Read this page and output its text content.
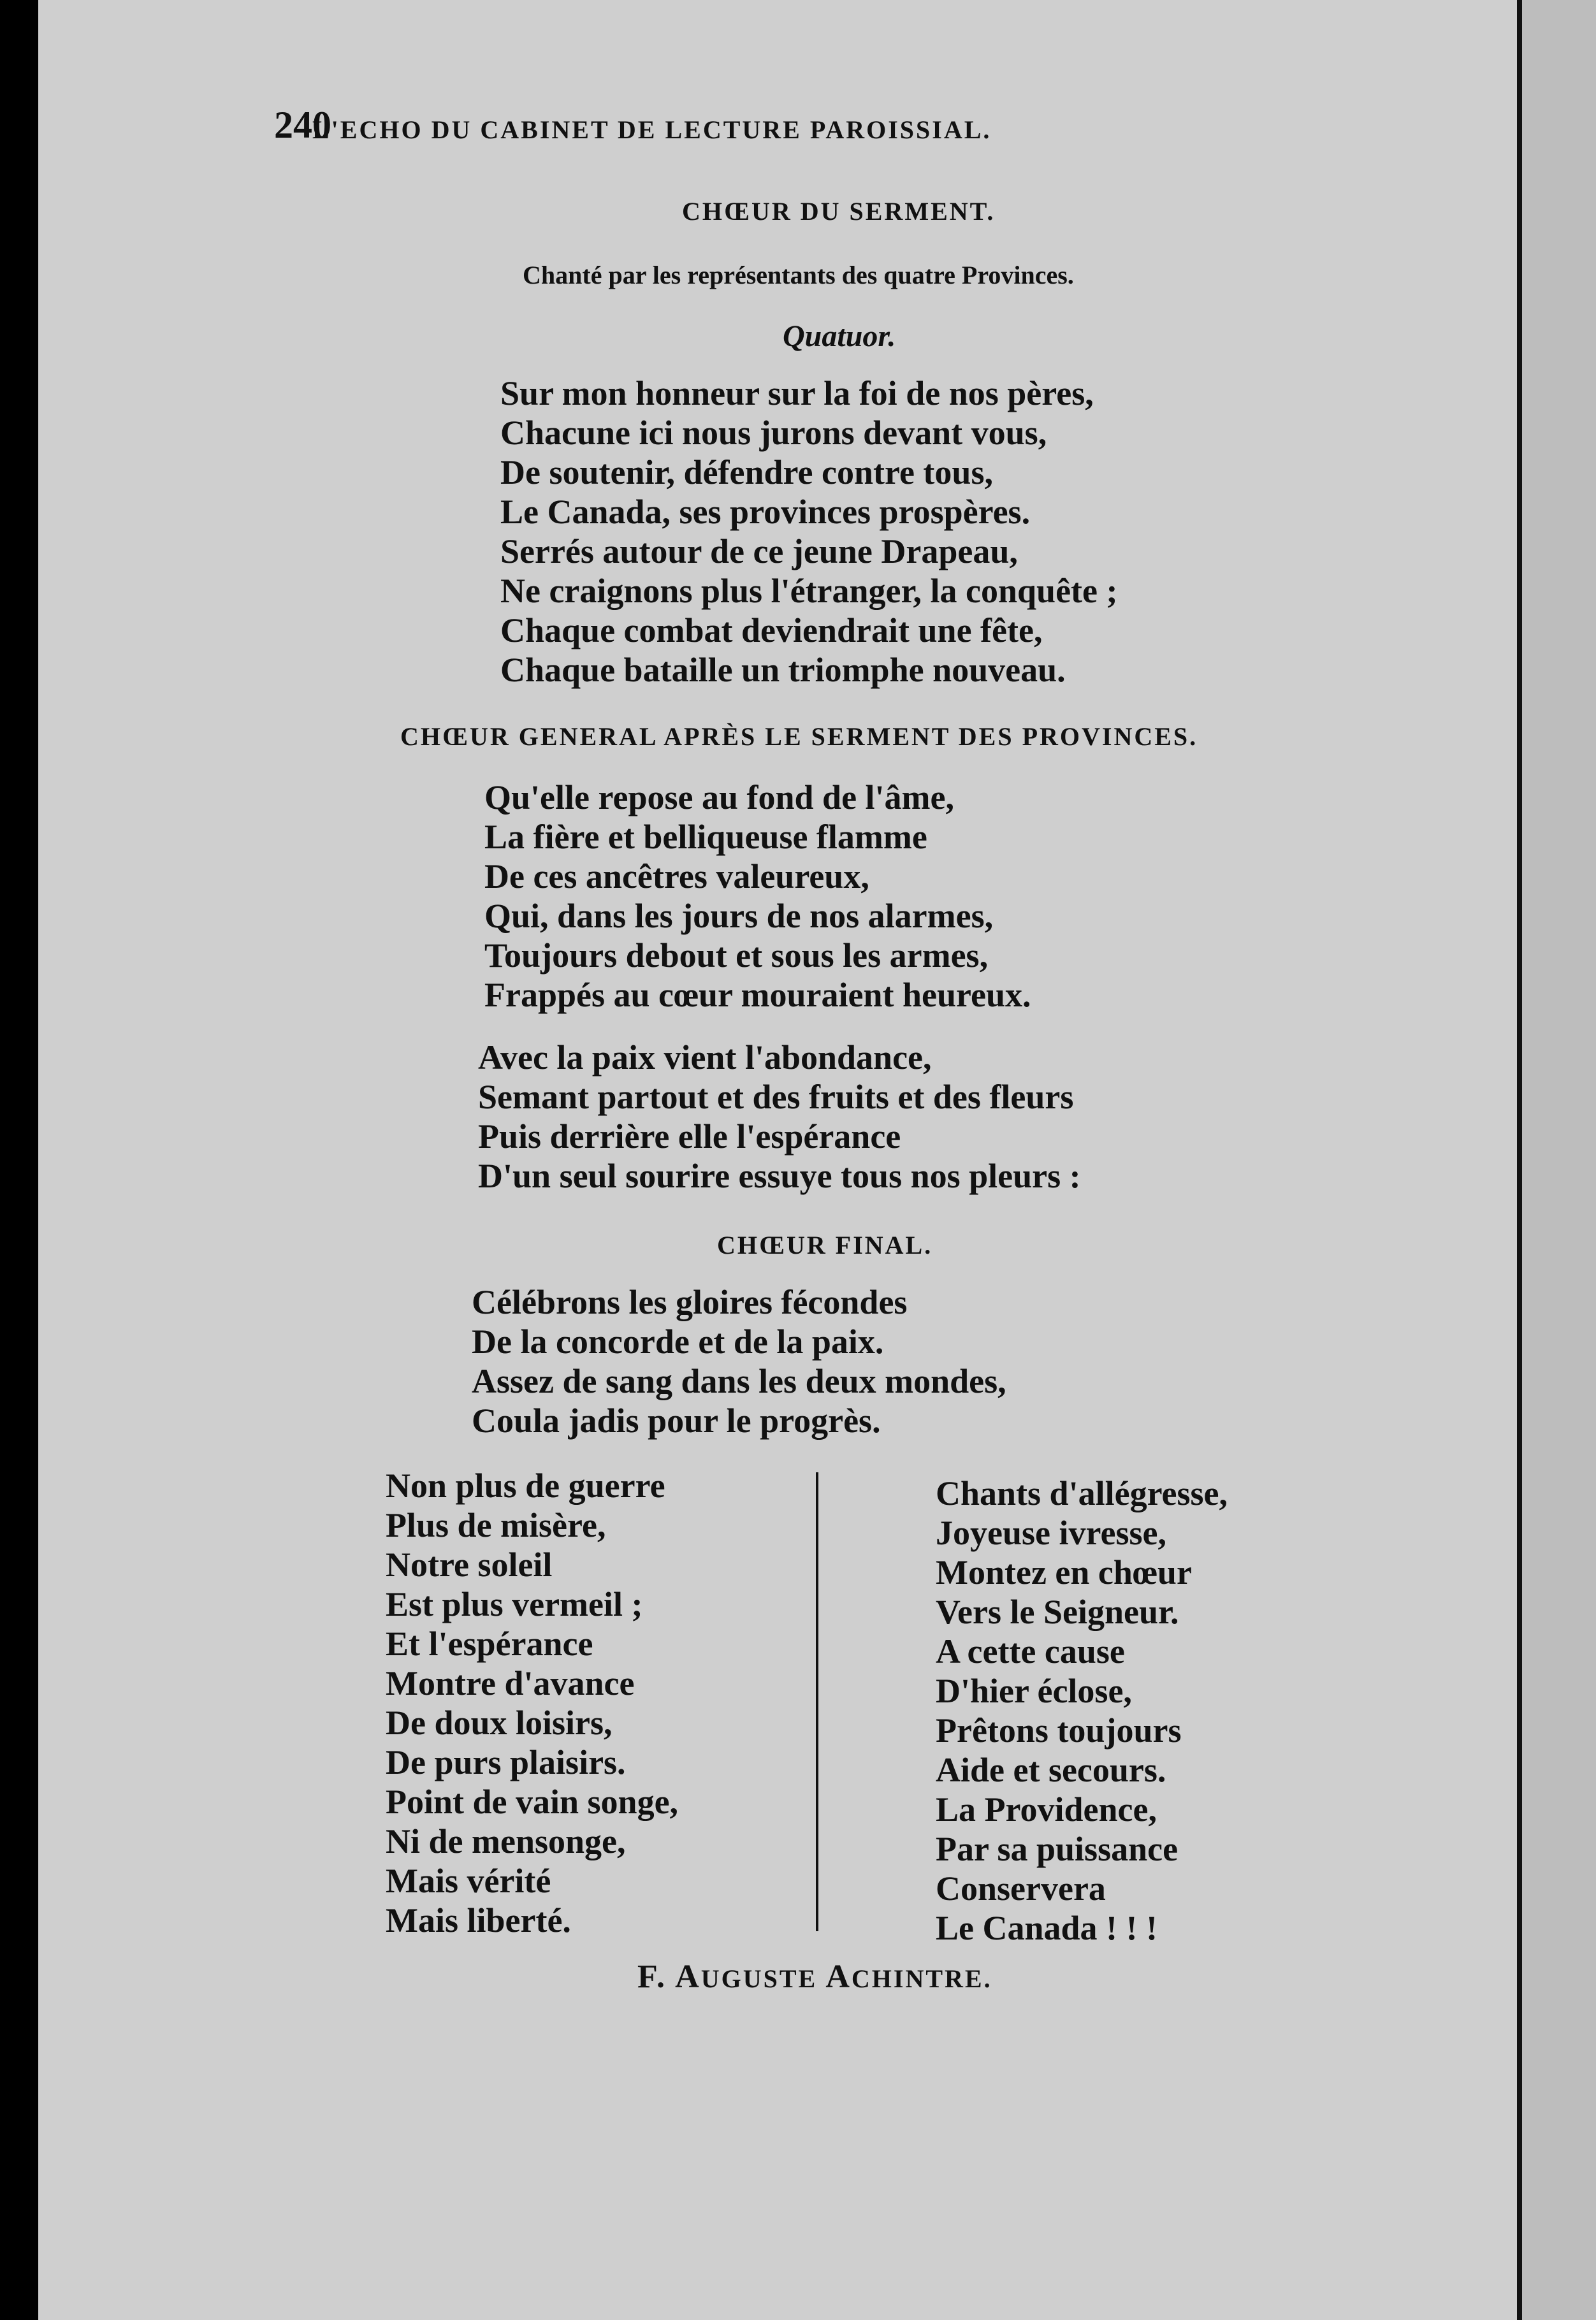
240
L'ECHO DU CABINET DE LECTURE PAROISSIAL.
CHŒUR DU SERMENT.
Chanté par les représentants des quatre Provinces.
Quatuor.
Sur mon honneur sur la foi de nos pères,
Chacune ici nous jurons devant vous,
De soutenir, défendre contre tous,
Le Canada, ses provinces prospères.
Serrés autour de ce jeune Drapeau,
Ne craignons plus l'étranger, la conquête ;
Chaque combat deviendrait une fête,
Chaque bataille un triomphe nouveau.
CHŒUR GENERAL APRÈS LE SERMENT DES PROVINCES.
Qu'elle repose au fond de l'âme,
La fière et belliqueuse flamme
De ces ancêtres valeureux,
Qui, dans les jours de nos alarmes,
Toujours debout et sous les armes,
Frappés au cœur mouraient heureux.
Avec la paix vient l'abondance,
Semant partout et des fruits et des fleurs
Puis derrière elle l'espérance
D'un seul sourire essuye tous nos pleurs :
CHŒUR FINAL.
Célébrons les gloires fécondes
De la concorde et de la paix.
Assez de sang dans les deux mondes,
Coula jadis pour le progrès.
Non plus de guerre
Plus de misère,
Notre soleil
Est plus vermeil ;
Et l'espérance
Montre d'avance
De doux loisirs,
De purs plaisirs.
Point de vain songe,
Ni de mensonge,
Mais vérité
Mais liberté.
Chants d'allégresse,
Joyeuse ivresse,
Montez en chœur
Vers le Seigneur.
A cette cause
D'hier éclose,
Prêtons toujours
Aide et secours.
La Providence,
Par sa puissance
Conservera
Le Canada ! ! !
F. AUGUSTE ACHINTRE.
